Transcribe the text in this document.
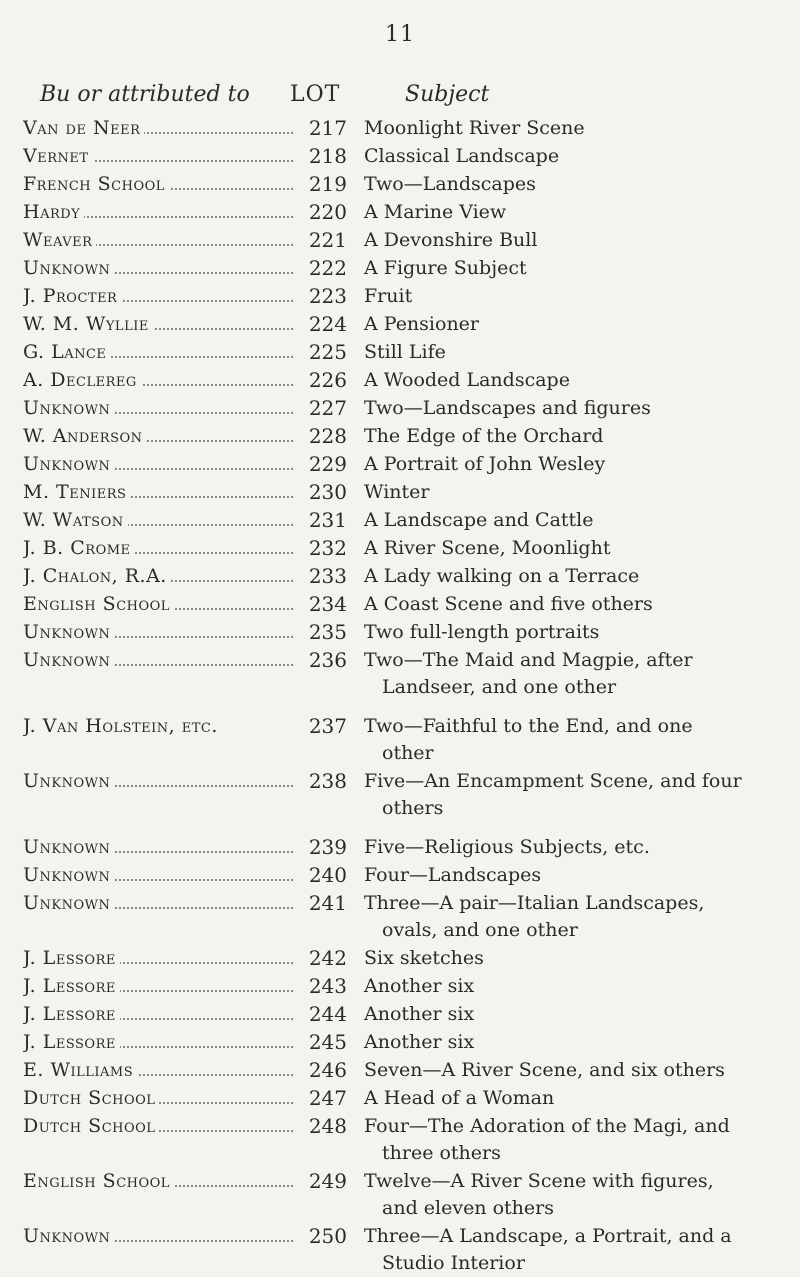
11
Bu or attributed to LOT	Subject
Van de Neer	217 Moonlight River Scene
Vernet	218 Classical Landscape
French School	219 Two—Landscapes
Hardy	220 A Marine View
Weaver	221 A Devonshire Bull
Unknown	222 A Figure Subject
J. Procter	223 Fruit
W. M. Wyllie	224 A Pensioner
G. Lance	225 Still Life
A. Declereg	226 A Wooded Landscape
Unknown	227 Two—Landscapes and figures
W. Anderson	228 The Edge of the Orchard
Unknown	229 A Portrait of John Wesley
M. Teniers	230 Winter
W. Watson	231 A Landscape and Cattle
J. B. Crome	232 A River Scene, Moonlight
J. Chalon, R.A.	233 A Lady walking on a Terrace
English School	234 A Coast Scene and five others
Unknown	235 Two full-length portraits
Unknown	236 Two—The Maid and Magpie, after
Landseer, and one other
J. Van Holstein, etc.	237 Two—Faithful to the End, and one
other
Unknown	238 Five—An Encampment Scene, and four
others
Unknown	239 Five—Religious Subjects, etc.
Unknown	240 Four—Landscapes
Unknown	241 Three—A pair—Italian Landscapes,
ovals, and one other
J. Lessore	242 Six sketches
J. Lessore	243 Another six
J. Lessore	244 Another six
J. Lessore	245 Another six
E. Williams	246 Seven—A River Scene, and six others
Dutch School	247 A Head of a Woman
Dutch School	248 Four—The Adoration of the Magi, and
three others
English School	249 Twelve—A River Scene with figures,
and eleven others
Unknown	250 Three—A Landscape, a Portrait, and a
Studio Interior
